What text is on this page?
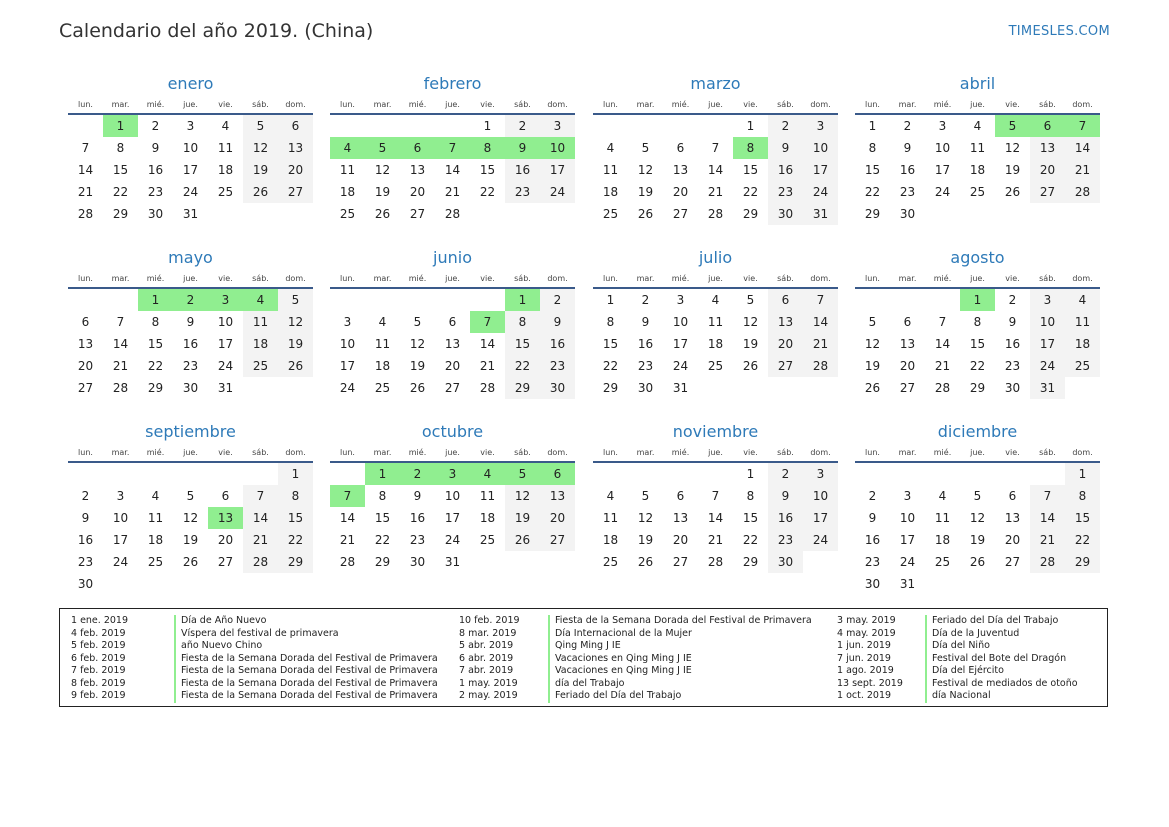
Calendario del año 2019. (China)	TIMESLES.COM
enero
lun.	mar.	mié.	jue.	vie.	sáb.	dom.
	1	2	3	4	5	6
7	8	9	10	11	12	13
14	15	16	17	18	19	20
21	22	23	24	25	26	27
28	29	30	31			
febrero
lun.	mar.	mié.	jue.	vie.	sáb.	dom.
				1	2	3
4	5	6	7	8	9	10
11	12	13	14	15	16	17
18	19	20	21	22	23	24
25	26	27	28			
marzo
lun.	mar.	mié.	jue.	vie.	sáb.	dom.
				1	2	3
4	5	6	7	8	9	10
11	12	13	14	15	16	17
18	19	20	21	22	23	24
25	26	27	28	29	30	31
abril
lun.	mar.	mié.	jue.	vie.	sáb.	dom.
1	2	3	4	5	6	7
8	9	10	11	12	13	14
15	16	17	18	19	20	21
22	23	24	25	26	27	28
29	30					
mayo
lun.	mar.	mié.	jue.	vie.	sáb.	dom.
		1	2	3	4	5
6	7	8	9	10	11	12
13	14	15	16	17	18	19
20	21	22	23	24	25	26
27	28	29	30	31		
junio
lun.	mar.	mié.	jue.	vie.	sáb.	dom.
					1	2
3	4	5	6	7	8	9
10	11	12	13	14	15	16
17	18	19	20	21	22	23
24	25	26	27	28	29	30
julio
lun.	mar.	mié.	jue.	vie.	sáb.	dom.
1	2	3	4	5	6	7
8	9	10	11	12	13	14
15	16	17	18	19	20	21
22	23	24	25	26	27	28
29	30	31				
agosto
lun.	mar.	mié.	jue.	vie.	sáb.	dom.
			1	2	3	4
5	6	7	8	9	10	11
12	13	14	15	16	17	18
19	20	21	22	23	24	25
26	27	28	29	30	31	
septiembre
lun.	mar.	mié.	jue.	vie.	sáb.	dom.
						1
2	3	4	5	6	7	8
9	10	11	12	13	14	15
16	17	18	19	20	21	22
23	24	25	26	27	28	29
30						
octubre
lun.	mar.	mié.	jue.	vie.	sáb.	dom.
	1	2	3	4	5	6
7	8	9	10	11	12	13
14	15	16	17	18	19	20
21	22	23	24	25	26	27
28	29	30	31			
noviembre
lun.	mar.	mié.	jue.	vie.	sáb.	dom.
				1	2	3
4	5	6	7	8	9	10
11	12	13	14	15	16	17
18	19	20	21	22	23	24
25	26	27	28	29	30	
diciembre
lun.	mar.	mié.	jue.	vie.	sáb.	dom.
						1
2	3	4	5	6	7	8
9	10	11	12	13	14	15
16	17	18	19	20	21	22
23	24	25	26	27	28	29
30	31					
1 ene. 2019	Día de Año Nuevo
4 feb. 2019	Víspera del festival de primavera
5 feb. 2019	año Nuevo Chino
6 feb. 2019	Fiesta de la Semana Dorada del Festival de Primavera
7 feb. 2019	Fiesta de la Semana Dorada del Festival de Primavera
8 feb. 2019	Fiesta de la Semana Dorada del Festival de Primavera
9 feb. 2019	Fiesta de la Semana Dorada del Festival de Primavera
10 feb. 2019	Fiesta de la Semana Dorada del Festival de Primavera
8 mar. 2019	Día Internacional de la Mujer
5 abr. 2019	Qing Ming J IE
6 abr. 2019	Vacaciones en Qing Ming J IE
7 abr. 2019	Vacaciones en Qing Ming J IE
1 may. 2019	día del Trabajo
2 may. 2019	Feriado del Día del Trabajo
3 may. 2019	Feriado del Día del Trabajo
4 may. 2019	Día de la Juventud
1 jun. 2019	Día del Niño
7 jun. 2019	Festival del Bote del Dragón
1 ago. 2019	Día del Ejército
13 sept. 2019	Festival de mediados de otoño
1 oct. 2019	día Nacional
